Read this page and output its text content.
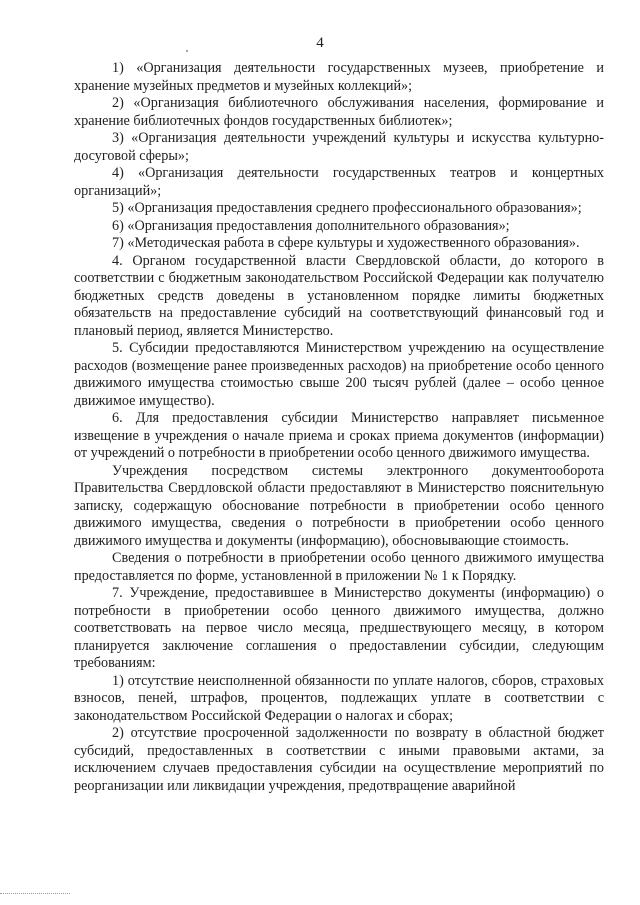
4

1) «Организация деятельности государственных музеев, приобретение и хранение музейных предметов и музейных коллекций»;

2) «Организация библиотечного обслуживания населения, формирование и хранение библиотечных фондов государственных библиотек»;

3) «Организация деятельности учреждений культуры и искусства культурно-досуговой сферы»;

4) «Организация деятельности государственных театров и концертных организаций»;

5) «Организация предоставления среднего профессионального образования»;

6) «Организация предоставления дополнительного образования»;

7) «Методическая работа в сфере культуры и художественного образования».

4. Органом государственной власти Свердловской области, до которого в соответствии с бюджетным законодательством Российской Федерации как получателю бюджетных средств доведены в установленном порядке лимиты бюджетных обязательств на предоставление субсидий на соответствующий финансовый год и плановый период, является Министерство.

5. Субсидии предоставляются Министерством учреждению на осуществление расходов (возмещение ранее произведенных расходов) на приобретение особо ценного движимого имущества стоимостью свыше 200 тысяч рублей (далее – особо ценное движимое имущество).

6. Для предоставления субсидии Министерство направляет письменное извещение в учреждения о начале приема и сроках приема документов (информации) от учреждений о потребности в приобретении особо ценного движимого имущества.

Учреждения посредством системы электронного документооборота Правительства Свердловской области предоставляют в Министерство пояснительную записку, содержащую обоснование потребности в приобретении особо ценного движимого имущества, сведения о потребности в приобретении особо ценного движимого имущества и документы (информацию), обосновывающие стоимость.

Сведения о потребности в приобретении особо ценного движимого имущества предоставляется по форме, установленной в приложении № 1 к Порядку.

7. Учреждение, предоставившее в Министерство документы (информацию) о потребности в приобретении особо ценного движимого имущества, должно соответствовать на первое число месяца, предшествующего месяцу, в котором планируется заключение соглашения о предоставлении субсидии, следующим требованиям:

1) отсутствие неисполненной обязанности по уплате налогов, сборов, страховых взносов, пеней, штрафов, процентов, подлежащих уплате в соответствии с законодательством Российской Федерации о налогах и сборах;

2) отсутствие просроченной задолженности по возврату в областной бюджет субсидий, предоставленных в соответствии с иными правовыми актами, за исключением случаев предоставления субсидии на осуществление мероприятий по реорганизации или ликвидации учреждения, предотвращение аварийной
